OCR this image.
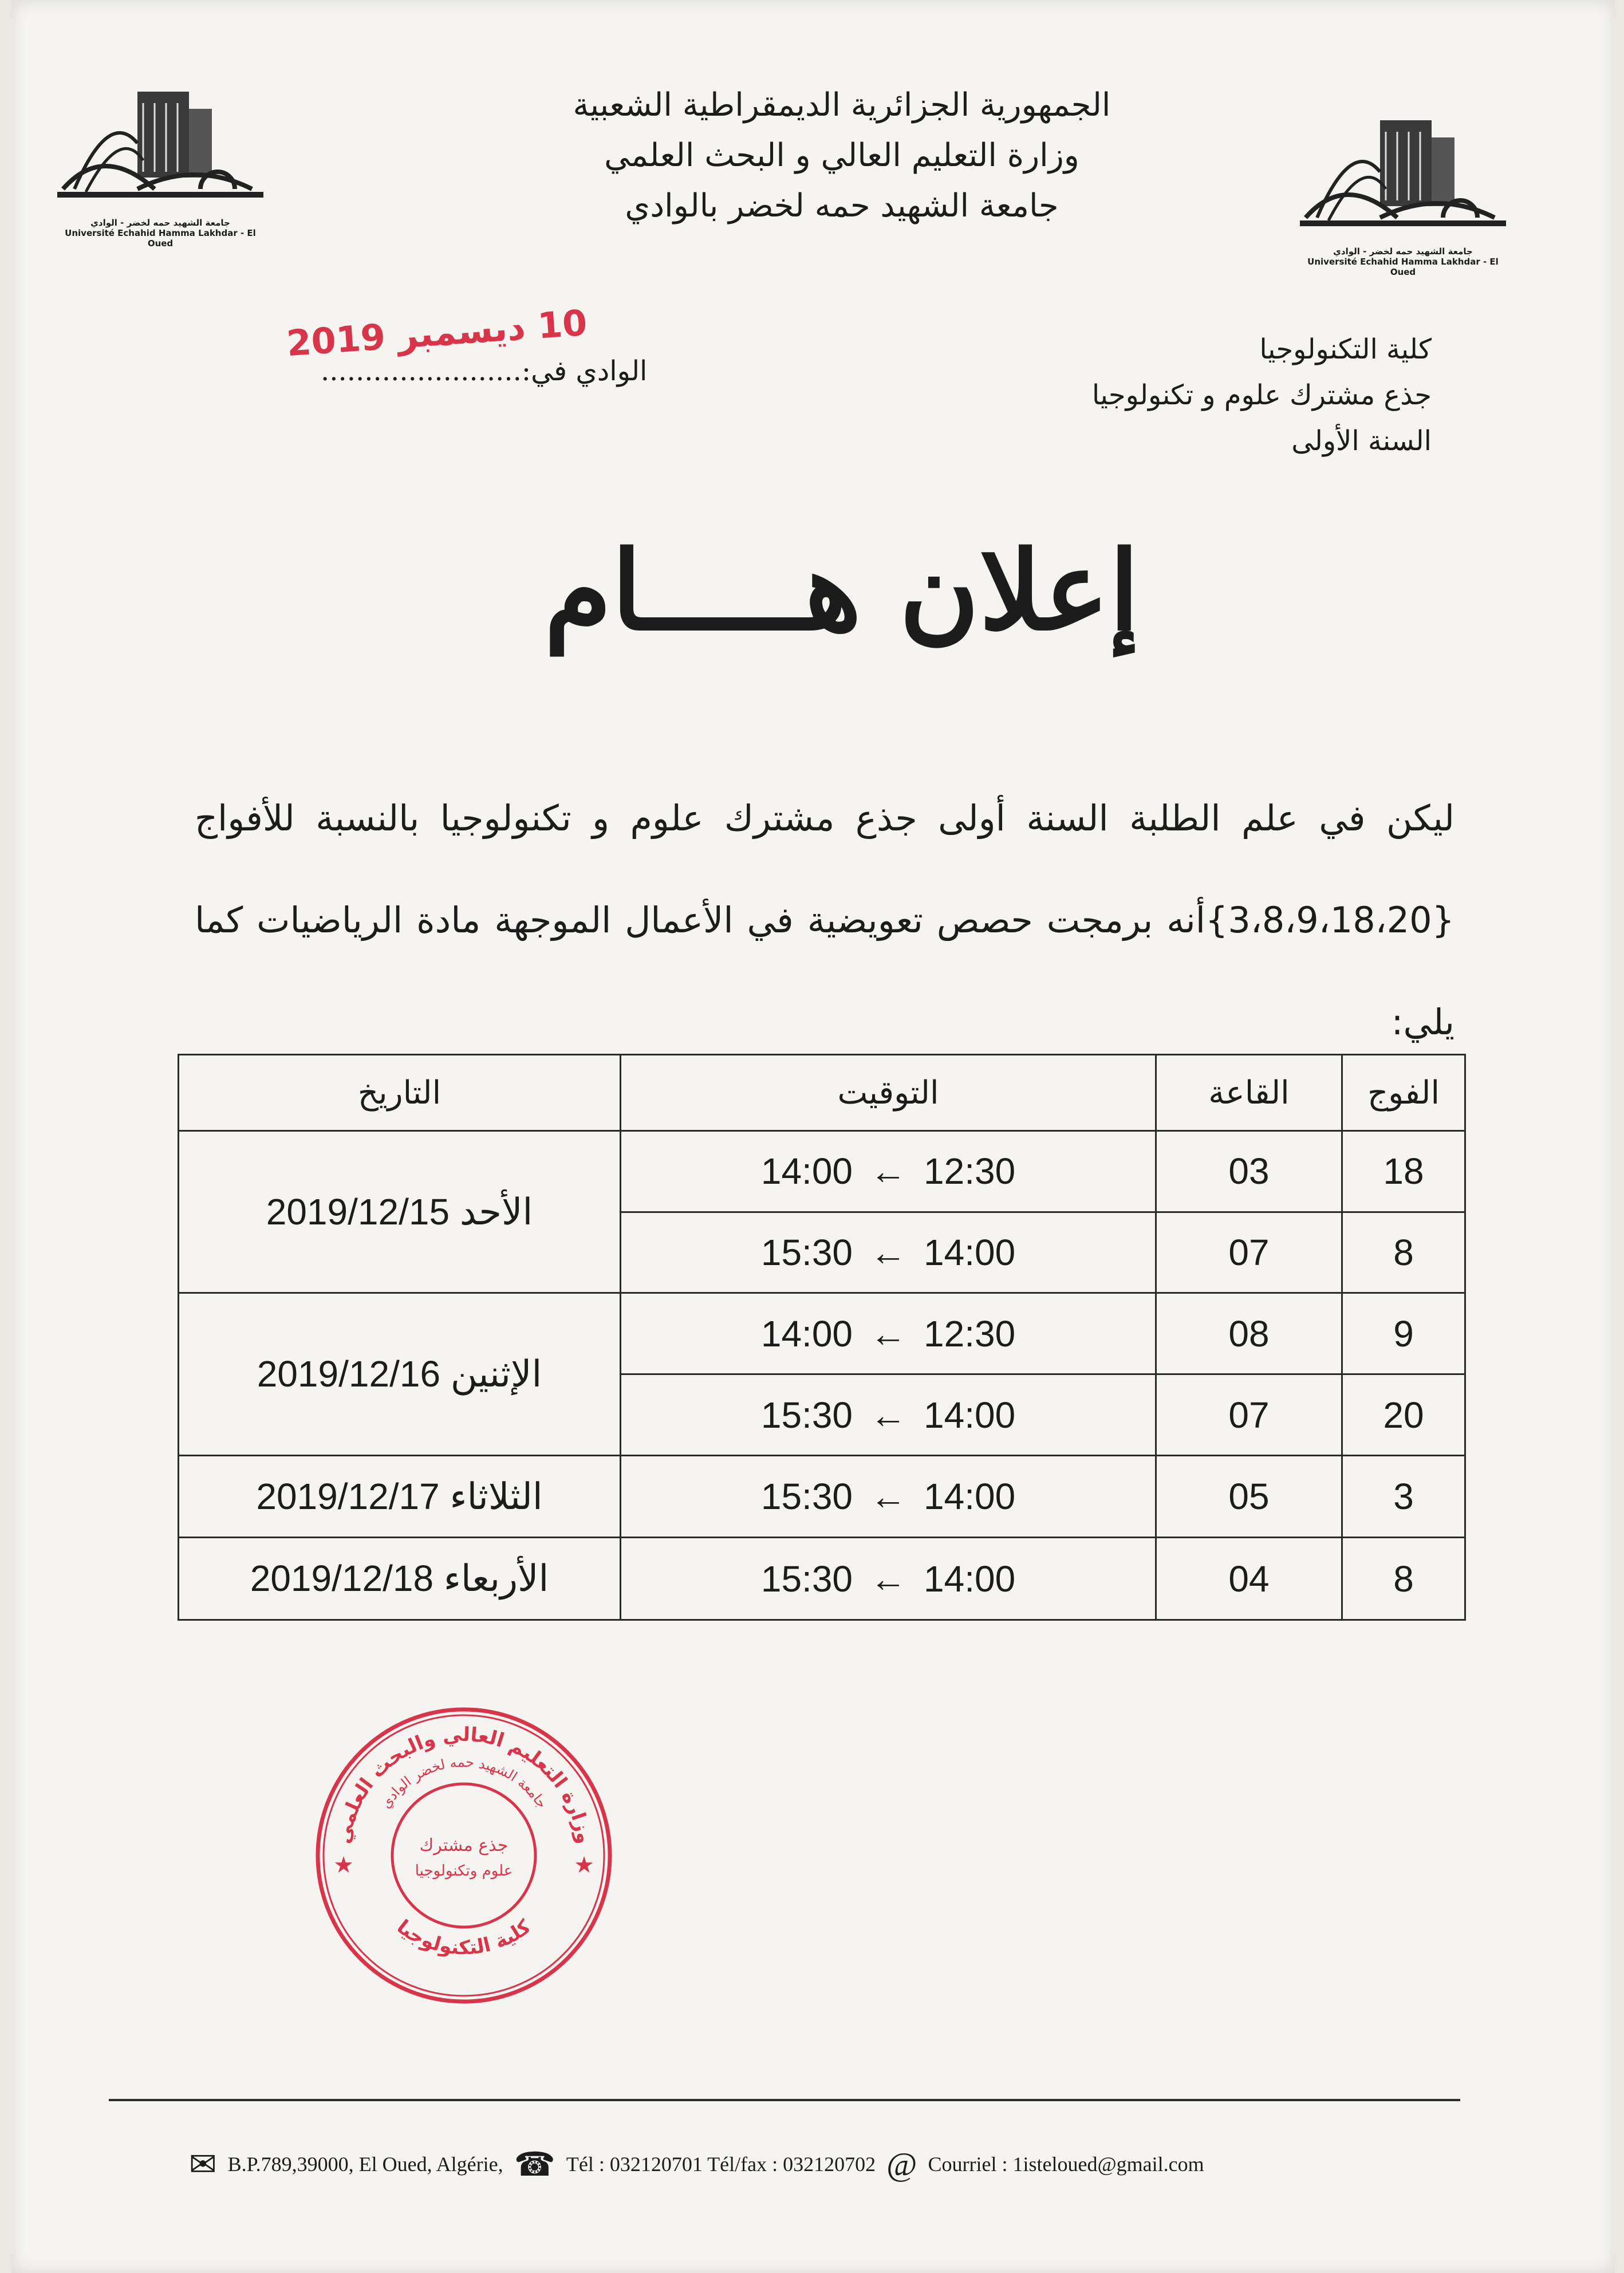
جامعة الشهيد حمه لخضر - الوادي
Université Echahid Hamma Lakhdar - El Oued
جامعة الشهيد حمه لخضر - الوادي
Université Echahid Hamma Lakhdar - El Oued
الجمهورية الجزائرية الديمقراطية الشعبية
وزارة التعليم العالي و البحث العلمي
جامعة الشهيد حمه لخضر بالوادي
كلية التكنولوجيا
جذع مشترك علوم و تكنولوجيا
السنة الأولى
10 ديسمبر 2019
الوادي في:.......................
إعلان هـــــام
ليكن في علم الطلبة السنة أولى جذع مشترك علوم و تكنولوجيا بالنسبة للأفواج {3،8،9،18،20}أنه برمجت حصص تعويضية في الأعمال الموجهة مادة الرياضيات كما يلي:
الفوج	القاعة	التوقيت	التاريخ
18	03	14:00 ← 12:30	الأحد 2019/12/15
8	07	15:30 ← 14:00	
9	08	14:00 ← 12:30	الإثنين 2019/12/16
20	07	15:30 ← 14:00	
3	05	15:30 ← 14:00	الثلاثاء 2019/12/17
8	04	15:30 ← 14:00	الأربعاء 2019/12/18
وزارة التعليم العالي والبحث العلمي
جامعة الشهيد حمه لخضر الوادي
كلية التكنولوجيا
جذع مشترك
علوم وتكنولوجيا
★	★
✉ B.P.789,39000, El Oued, Algérie, ☎ Tél : 032120701 Tél/fax : 032120702 @ Courriel : 1isteloued@gmail.com
